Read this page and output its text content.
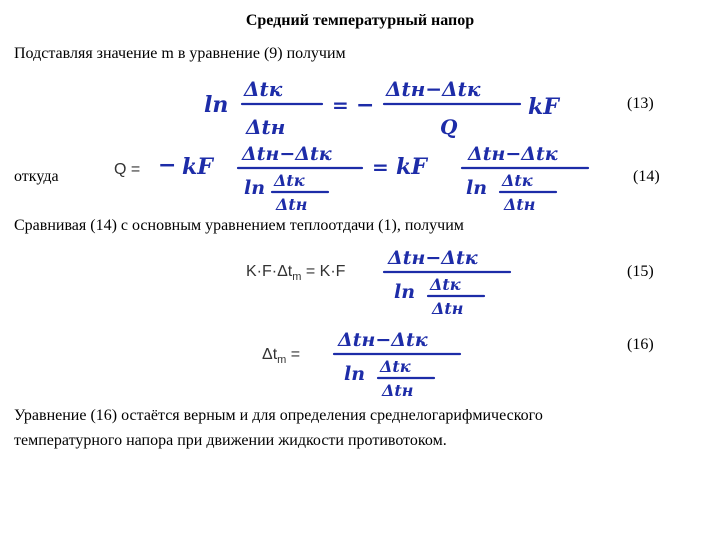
Средний температурный напор
Подставляя значение m в уравнение (9) получим
ln
Δtк
Δtн
= −
Δtн−Δtк
Q
kF	(13)
откуда	Q = − kF Δtн−Δtк
ln Δtк
Δtн
= kF Δtн−Δtк
ln Δtк
Δtн
(14)
Сравнивая (14) с основным уравнением теплоотдачи (1), получим
$K\cdot F\cdot\Delta t_m = K\cdot F$
Δtн−Δtк
ln Δtк
Δtн
(15)
$\Delta t_m$ =
Δtн−Δtк
ln Δtк
Δtн
(16)
Уравнение (16) остаётся верным и для определения среднелогарифмического
температурного напора при движении жидкости противотоком.
